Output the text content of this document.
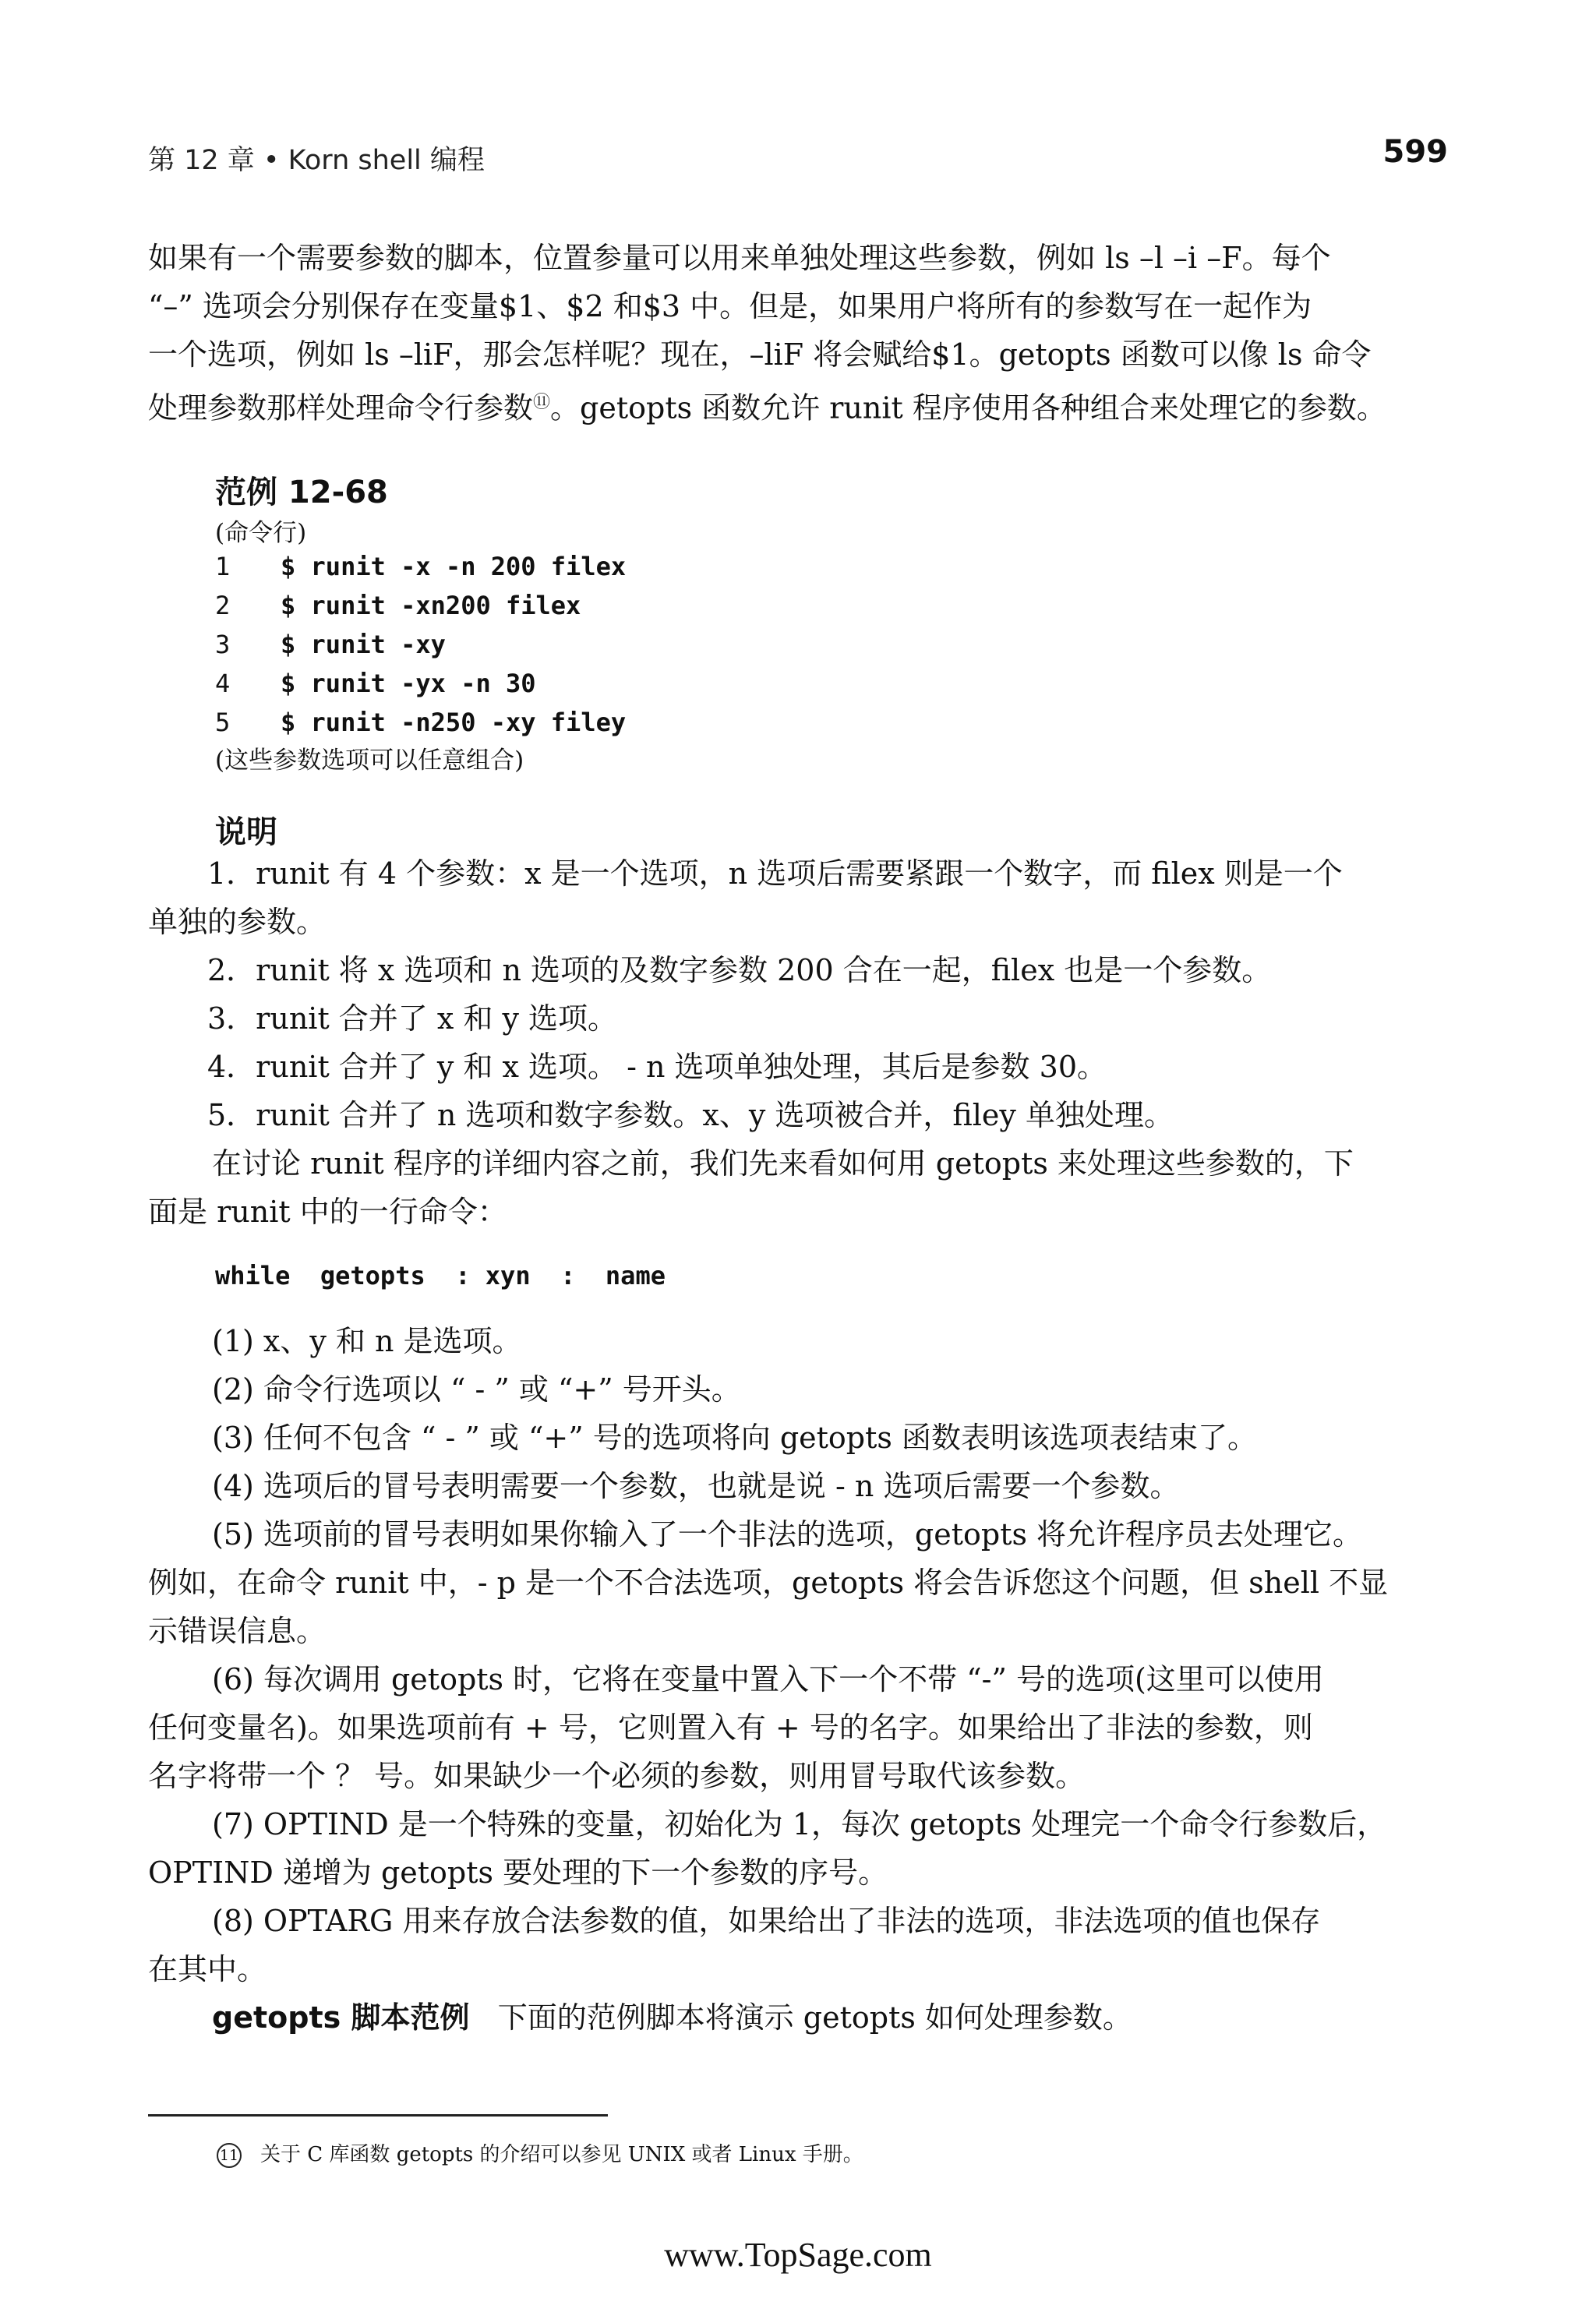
第 12 章 • Korn shell 编程	599
如果有一个需要参数的脚本，位置参量可以用来单独处理这些参数，例如 ls –l –i –F。每个
“–” 选项会分别保存在变量$1、$2 和$3 中。但是，如果用户将所有的参数写在一起作为
一个选项，例如 ls –liF，那会怎样呢？现在，–liF 将会赋给$1。getopts 函数可以像 ls 命令
处理参数那样处理命令行参数⑪。getopts 函数允许 runit 程序使用各种组合来处理它的参数。
范例 12-68
(命令行)
1 $ runit -x -n 200 filex
2 $ runit -xn200 filex
3 $ runit -xy
4 $ runit -yx -n 30
5 $ runit -n250 -xy filey
(这些参数选项可以任意组合)
说明
1．runit 有 4 个参数：x 是一个选项，n 选项后需要紧跟一个数字，而 filex 则是一个
单独的参数。
2．runit 将 x 选项和 n 选项的及数字参数 200 合在一起，filex 也是一个参数。
3．runit 合并了 x 和 y 选项。
4．runit 合并了 y 和 x 选项。 - n 选项单独处理，其后是参数 30。
5．runit 合并了 n 选项和数字参数。x、y 选项被合并，filey 单独处理。
在讨论 runit 程序的详细内容之前，我们先来看如何用 getopts 来处理这些参数的，下
面是 runit 中的一行命令：
while  getopts  : xyn  :  name
(1) x、y 和 n 是选项。
(2) 命令行选项以 “ - ” 或 “+” 号开头。
(3) 任何不包含 “ - ” 或 “+” 号的选项将向 getopts 函数表明该选项表结束了。
(4) 选项后的冒号表明需要一个参数，也就是说 - n 选项后需要一个参数。
(5) 选项前的冒号表明如果你输入了一个非法的选项，getopts 将允许程序员去处理它。
例如，在命令 runit 中，- p 是一个不合法选项，getopts 将会告诉您这个问题，但 shell 不显
示错误信息。
(6) 每次调用 getopts 时，它将在变量中置入下一个不带 “-” 号的选项(这里可以使用
任何变量名)。如果选项前有 + 号，它则置入有 + 号的名字。如果给出了非法的参数，则
名字将带一个 ？ 号。如果缺少一个必须的参数，则用冒号取代该参数。
(7) OPTIND 是一个特殊的变量，初始化为 1，每次 getopts 处理完一个命令行参数后，
OPTIND 递增为 getopts 要处理的下一个参数的序号。
(8) OPTARG 用来存放合法参数的值，如果给出了非法的选项，非法选项的值也保存
在其中。
getopts 脚本范例 下面的范例脚本将演示 getopts 如何处理参数。
11 关于 C 库函数 getopts 的介绍可以参见 UNIX 或者 Linux 手册。
www.TopSage.com
